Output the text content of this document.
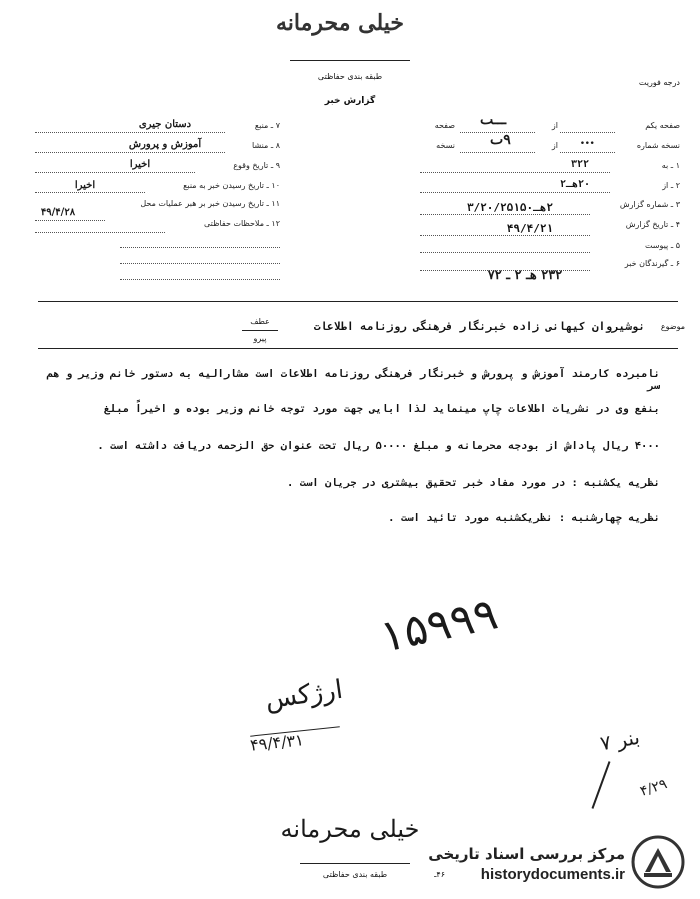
خیلی محرمانه
طبقه بندی حفاظتی
گزارش خبر
درجه فوریت
صفحه یکم
از
ـــٮ
صفحه
نسخه شماره
...
از
٩ٮ
نسخه
۱ ـ به
۳۲۲
۲ ـ از
۲۰هـ۲
۳ ـ شماره گزارش
۲هـ۳/۲۰/۲۵۱۵۰
۴ ـ تاریخ گزارش
۴۹/۴/۲۱
۵ ـ پیوست
۶ ـ گیرندگان خبر
۲۳۲ هـ ۲ ـ ۷۲
۷ ـ منبع
دستان جیری
۸ ـ منشا
آموزش و پرورش
۹ ـ تاریخ وقوع
اخیرا
۱۰ ـ تاریخ رسیدن خبر به منبع
اخیرا
۱۱ ـ تاریخ رسیدن خبر بر هبر عملیات محل
۴۹/۴/۲۸
۱۲ ـ ملاحظات حفاظتی
موضوع
نوشیروان کیهانی زاده خبرنگار فرهنگی روزنامه اطلاعات
عطف
پیرو
نامبرده کارمند آموزش و پرورش و خبرنگار فرهنگی روزنامه اطلاعات است مشارالیه به دستور خانم وزیر و هم سر
بنفع وی در نشریات اطلاعات چاپ مینماید لذا ابایی جهت مورد توجه خانم وزیر بوده و اخیراً مبلغ
۴۰۰۰ ریال پاداش از بودجه محرمانه و مبلغ ۵۰۰۰۰ ریال تحت عنوان حق الزحمه دریافت داشته است .
نظریه یکشنبه : در مورد مفاد خبر تحقیق بیشتری در جریان است .
نظریه چهارشنبه : نظریکشنبه مورد تائید است .
۱۵۹۹۹
ارژکس
۴۹/۴/۳۱	بنر ۷
۴/۲۹
خیلی محرمانه
طبقه بندی حفاظتی	۴۶ـ
مرکز بررسی اسناد تاریخی
historydocuments.ir
